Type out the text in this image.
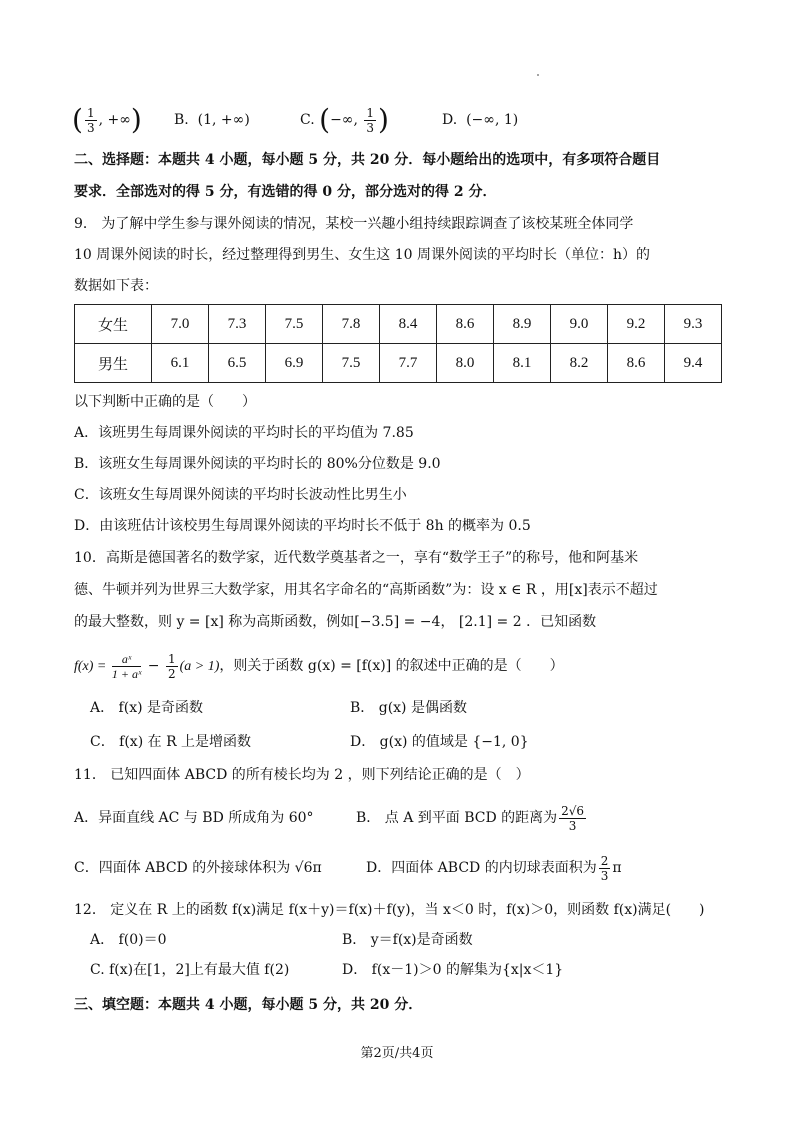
( $\frac{1}{3}$ , +∞) B. (1, +∞)	C. (−∞, $\frac{1}{3}$ )	D. (−∞, 1)
二、选择题：本题共 4 小题，每小题 5 分，共 20 分．每小题给出的选项中，有多项符合题目
要求．全部选对的得 5 分，有选错的得 0 分，部分选对的得 2 分．
9． 为了解中学生参与课外阅读的情况，某校一兴趣小组持续跟踪调查了该校某班全体同学
10 周课外阅读的时长，经过整理得到男生、女生这 10 周课外阅读的平均时长（单位：h）的
数据如下表：
女生	7.0	7.3	7.5	7.8	8.4	8.6	8.9	9.0	9.2	9.3
男生	6.1	6.5	6.9	7.5	7.7	8.0	8.1	8.2	8.6	9.4
以下判断中正确的是（　　）
A．该班男生每周课外阅读的平均时长的平均值为 7.85
B．该班女生每周课外阅读的平均时长的 80%分位数是 9.0
C．该班女生每周课外阅读的平均时长波动性比男生小
D．由该班估计该校男生每周课外阅读的平均时长不低于 8h 的概率为 0.5
10．高斯是德国著名的数学家，近代数学奠基者之一，享有“数学王子”的称号，他和阿基米
德、牛顿并列为世界三大数学家，用其名字命名的“高斯函数”为：设 x ∈ R ，用[x]表示不超过
的最大整数，则 y = [x] 称为高斯函数，例如[−3.5] = −4， [2.1] = 2 ．已知函数
$f(x) = \frac{\text{aˣ}}{\text{1 + aˣ}} - \frac{1}{2} (a > 1)$，则关于函数 g(x) = [f(x)] 的叙述中正确的是（　　）
A． f(x) 是奇函数	B． g(x) 是偶函数
C． f(x) 在 R 上是增函数	D． g(x) 的值域是 {−1, 0}
11． 已知四面体 ABCD 的所有棱长均为 2 ，则下列结论正确的是（　）
A．异面直线 AC 与 BD 所成角为 60°	B． 点 A 到平面 BCD 的距离为 $\frac{2√6}{3}$
C．四面体 ABCD 的外接球体积为 √6π	D．四面体 ABCD 的内切球表面积为 $\frac{2}{3}$ π
12． 定义在 R 上的函数 f(x)满足 f(x＋y)＝f(x)＋f(y)，当 x＜0 时，f(x)＞0，则函数 f(x)满足(　　)
A． f(0)＝0	B． y＝f(x)是奇函数
C. f(x)在[1，2]上有最大值 f(2)	D． f(x－1)＞0 的解集为{x|x＜1}
三、填空题：本题共 4 小题，每小题 5 分，共 20 分．
第2页/共4页
